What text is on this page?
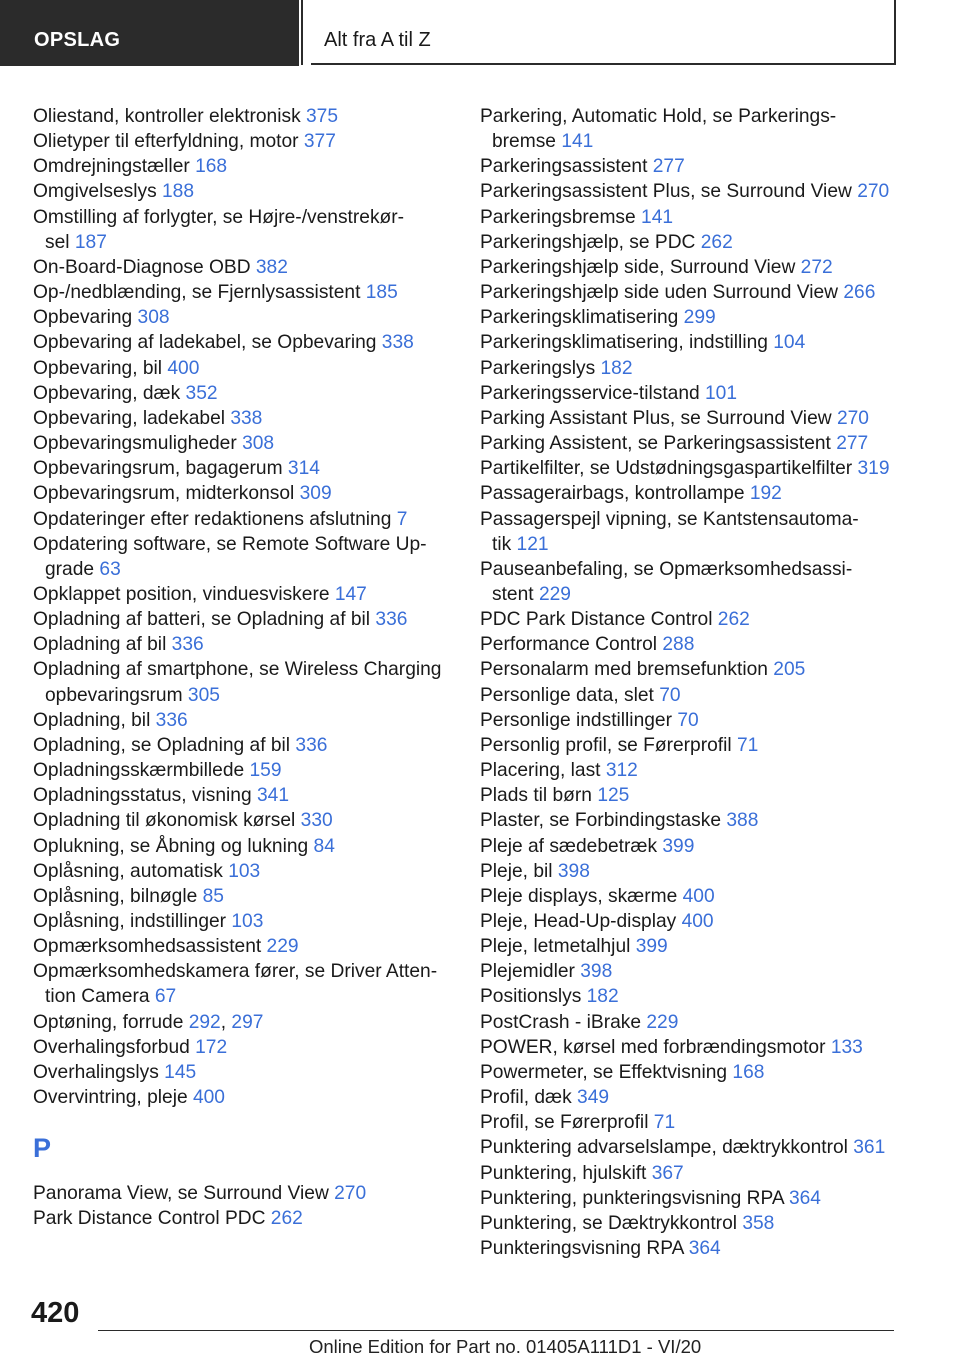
OPSLAG	Alt fra A til Z
Oliestand, kontroller elektronisk 375
Olietyper til efterfyldning, motor 377
Omdrejningstæller 168
Omgivelseslys 188
Omstilling af forlygter, se Højre-/venstrekør-
sel 187
On-Board-Diagnose OBD 382
Op-/nedblænding, se Fjernlysassistent 185
Opbevaring 308
Opbevaring af ladekabel, se Opbevaring 338
Opbevaring, bil 400
Opbevaring, dæk 352
Opbevaring, ladekabel 338
Opbevaringsmuligheder 308
Opbevaringsrum, bagagerum 314
Opbevaringsrum, midterkonsol 309
Opdateringer efter redaktionens afslutning 7
Opdatering software, se Remote Software Up-
grade 63
Opklappet position, vinduesviskere 147
Opladning af batteri, se Opladning af bil 336
Opladning af bil 336
Opladning af smartphone, se Wireless Charging
opbevaringsrum 305
Opladning, bil 336
Opladning, se Opladning af bil 336
Opladningsskærmbillede 159
Opladningsstatus, visning 341
Opladning til økonomisk kørsel 330
Oplukning, se Åbning og lukning 84
Oplåsning, automatisk 103
Oplåsning, bilnøgle 85
Oplåsning, indstillinger 103
Opmærksomhedsassistent 229
Opmærksomhedskamera fører, se Driver Atten-
tion Camera 67
Optøning, forrude 292, 297
Overhalingsforbud 172
Overhalingslys 145
Overvintring, pleje 400
P
Panorama View, se Surround View 270
Park Distance Control PDC 262
Parkering, Automatic Hold, se Parkerings-
bremse 141
Parkeringsassistent 277
Parkeringsassistent Plus, se Surround View 270
Parkeringsbremse 141
Parkeringshjælp, se PDC 262
Parkeringshjælp side, Surround View 272
Parkeringshjælp side uden Surround View 266
Parkeringsklimatisering 299
Parkeringsklimatisering, indstilling 104
Parkeringslys 182
Parkeringsservice-tilstand 101
Parking Assistant Plus, se Surround View 270
Parking Assistent, se Parkeringsassistent 277
Partikelfilter, se Udstødningsgaspartikelfilter 319
Passagerairbags, kontrollampe 192
Passagerspejl vipning, se Kantstensautoma-
tik 121
Pauseanbefaling, se Opmærksomhedsassi-
stent 229
PDC Park Distance Control 262
Performance Control 288
Personalarm med bremsefunktion 205
Personlige data, slet 70
Personlige indstillinger 70
Personlig profil, se Førerprofil 71
Placering, last 312
Plads til børn 125
Plaster, se Forbindingstaske 388
Pleje af sædebetræk 399
Pleje, bil 398
Pleje displays, skærme 400
Pleje, Head-Up-display 400
Pleje, letmetalhjul 399
Plejemidler 398
Positionslys 182
PostCrash - iBrake 229
POWER, kørsel med forbrændingsmotor 133
Powermeter, se Effektvisning 168
Profil, dæk 349
Profil, se Førerprofil 71
Punktering advarselslampe, dæktrykkontrol 361
Punktering, hjulskift 367
Punktering, punkteringsvisning RPA 364
Punktering, se Dæktrykkontrol 358
Punkteringsvisning RPA 364
420
Online Edition for Part no. 01405A111D1 - VI/20
